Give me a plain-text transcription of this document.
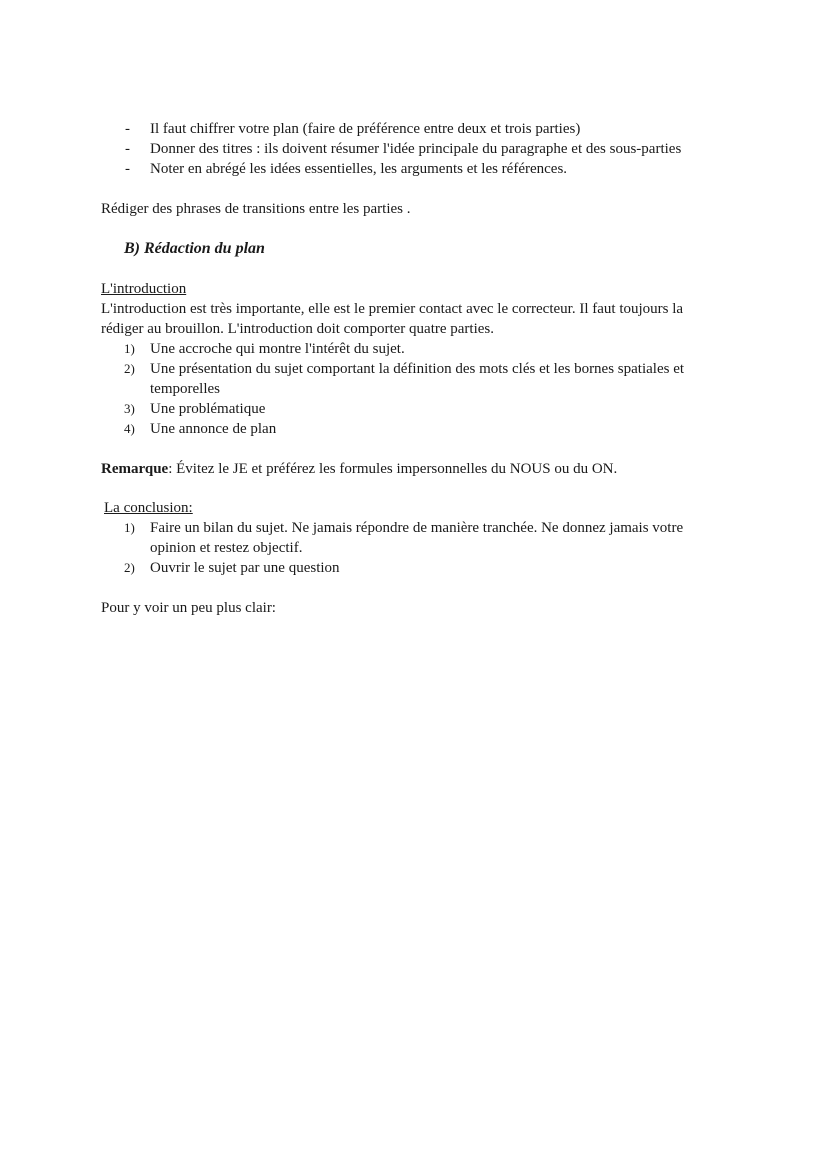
- Il faut chiffrer votre plan (faire de préférence entre deux et trois parties)
- Donner des titres : ils doivent résumer l'idée principale du paragraphe et des sous-parties
- Noter en abrégé les idées essentielles, les arguments et les références.
Rédiger des phrases de transitions entre les parties .
B) Rédaction du plan
L'introduction
L'introduction est très importante, elle est le premier contact avec le correcteur. Il faut toujours la rédiger au brouillon. L'introduction doit comporter quatre parties.
1) Une accroche qui montre l'intérêt du sujet.
2) Une présentation du sujet comportant la définition des mots clés et les bornes spatiales et temporelles
3) Une problématique
4) Une annonce de plan
Remarque: Évitez le JE et préférez les formules impersonnelles du NOUS ou du ON.
La conclusion:
1) Faire un bilan du sujet. Ne jamais répondre de manière tranchée. Ne donnez jamais votre opinion et restez objectif.
2) Ouvrir le sujet par une question
Pour y voir un peu plus clair:
